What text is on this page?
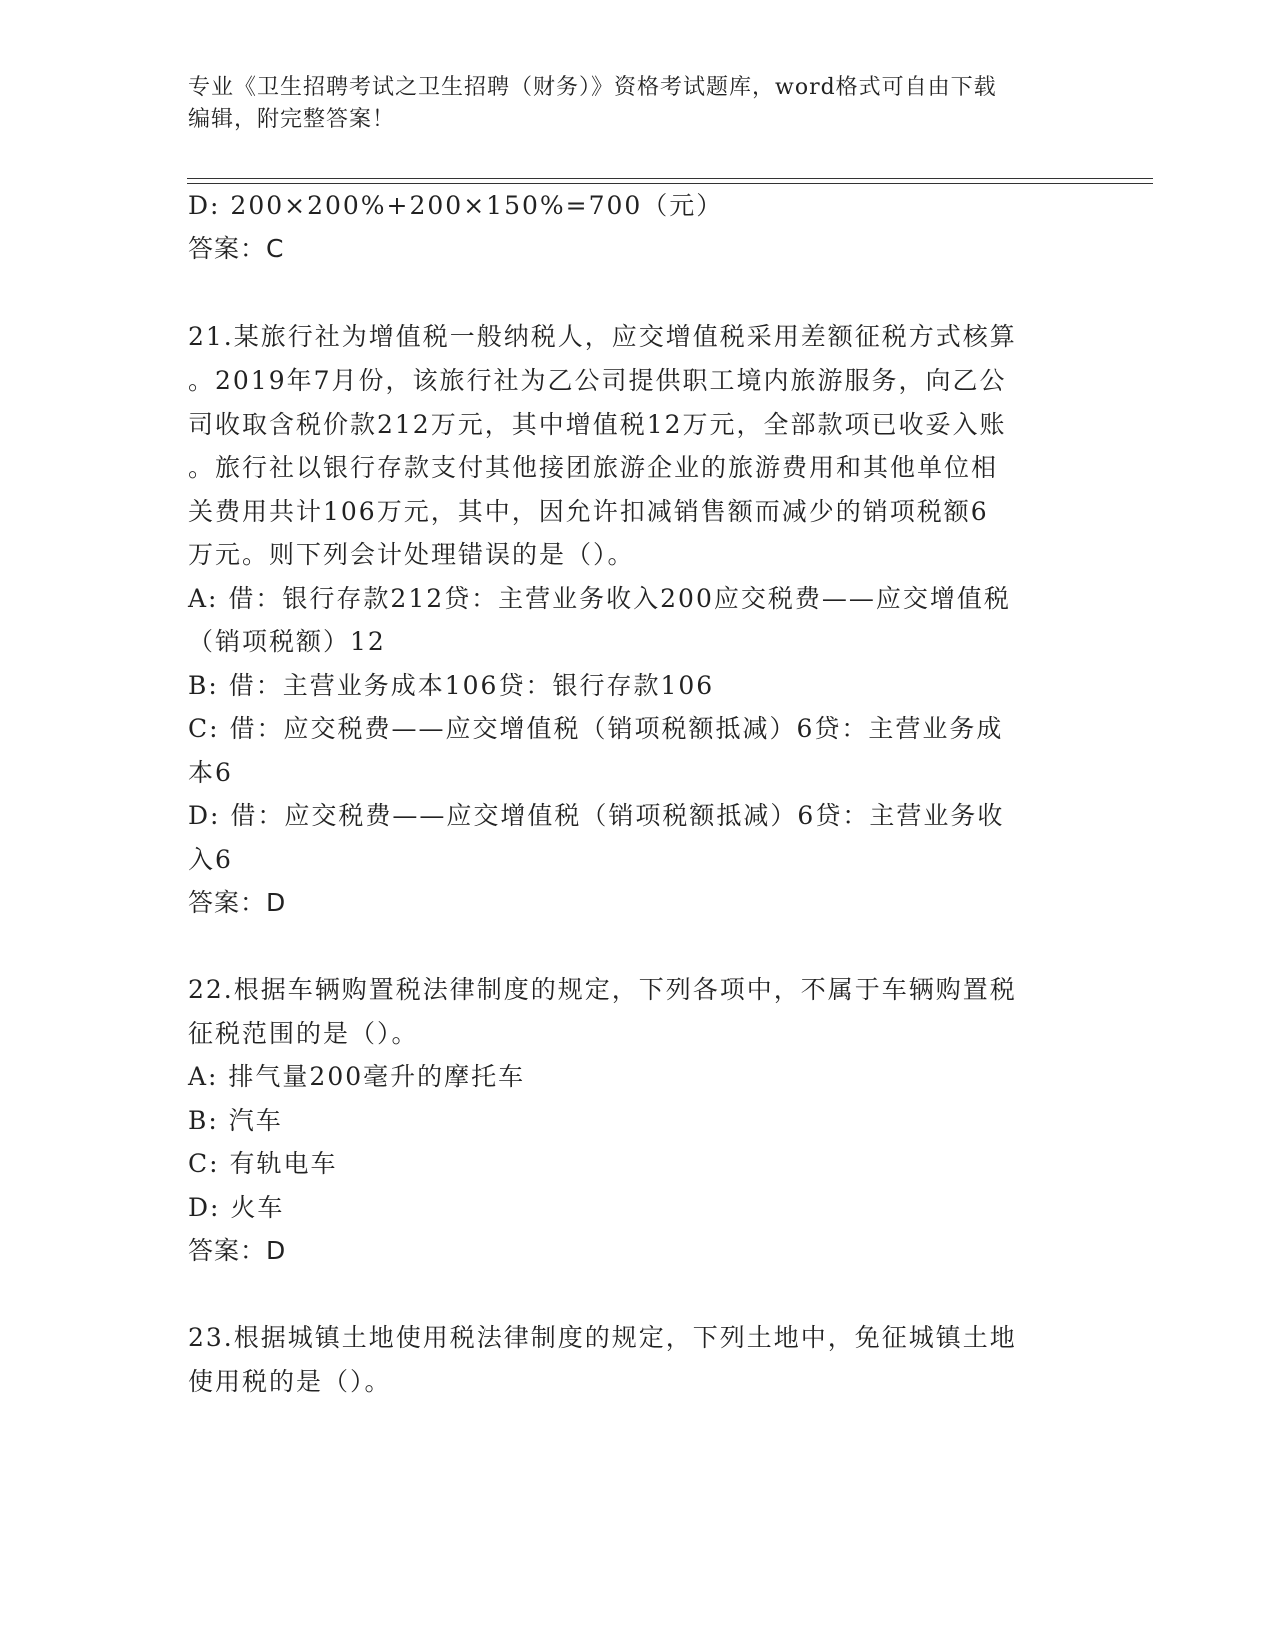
专业《卫生招聘考试之卫生招聘（财务）》资格考试题库，word格式可自由下载
编辑，附完整答案！
D: 200×200%+200×150%=700（元）
答案：C
21.某旅行社为增值税一般纳税人，应交增值税采用差额征税方式核算
。2019年7月份，该旅行社为乙公司提供职工境内旅游服务，向乙公
司收取含税价款212万元，其中增值税12万元，全部款项已收妥入账
。旅行社以银行存款支付其他接团旅游企业的旅游费用和其他单位相
关费用共计106万元，其中，因允许扣减销售额而减少的销项税额6
万元。则下列会计处理错误的是（）。
A: 借：银行存款212贷：主营业务收入200应交税费——应交增值税
（销项税额）12
B: 借：主营业务成本106贷：银行存款106
C: 借：应交税费——应交增值税（销项税额抵减）6贷：主营业务成
本6
D: 借：应交税费——应交增值税（销项税额抵减）6贷：主营业务收
入6
答案：D
22.根据车辆购置税法律制度的规定，下列各项中，不属于车辆购置税
征税范围的是（）。
A: 排气量200毫升的摩托车
B: 汽车
C: 有轨电车
D: 火车
答案：D
23.根据城镇土地使用税法律制度的规定，下列土地中，免征城镇土地
使用税的是（）。
